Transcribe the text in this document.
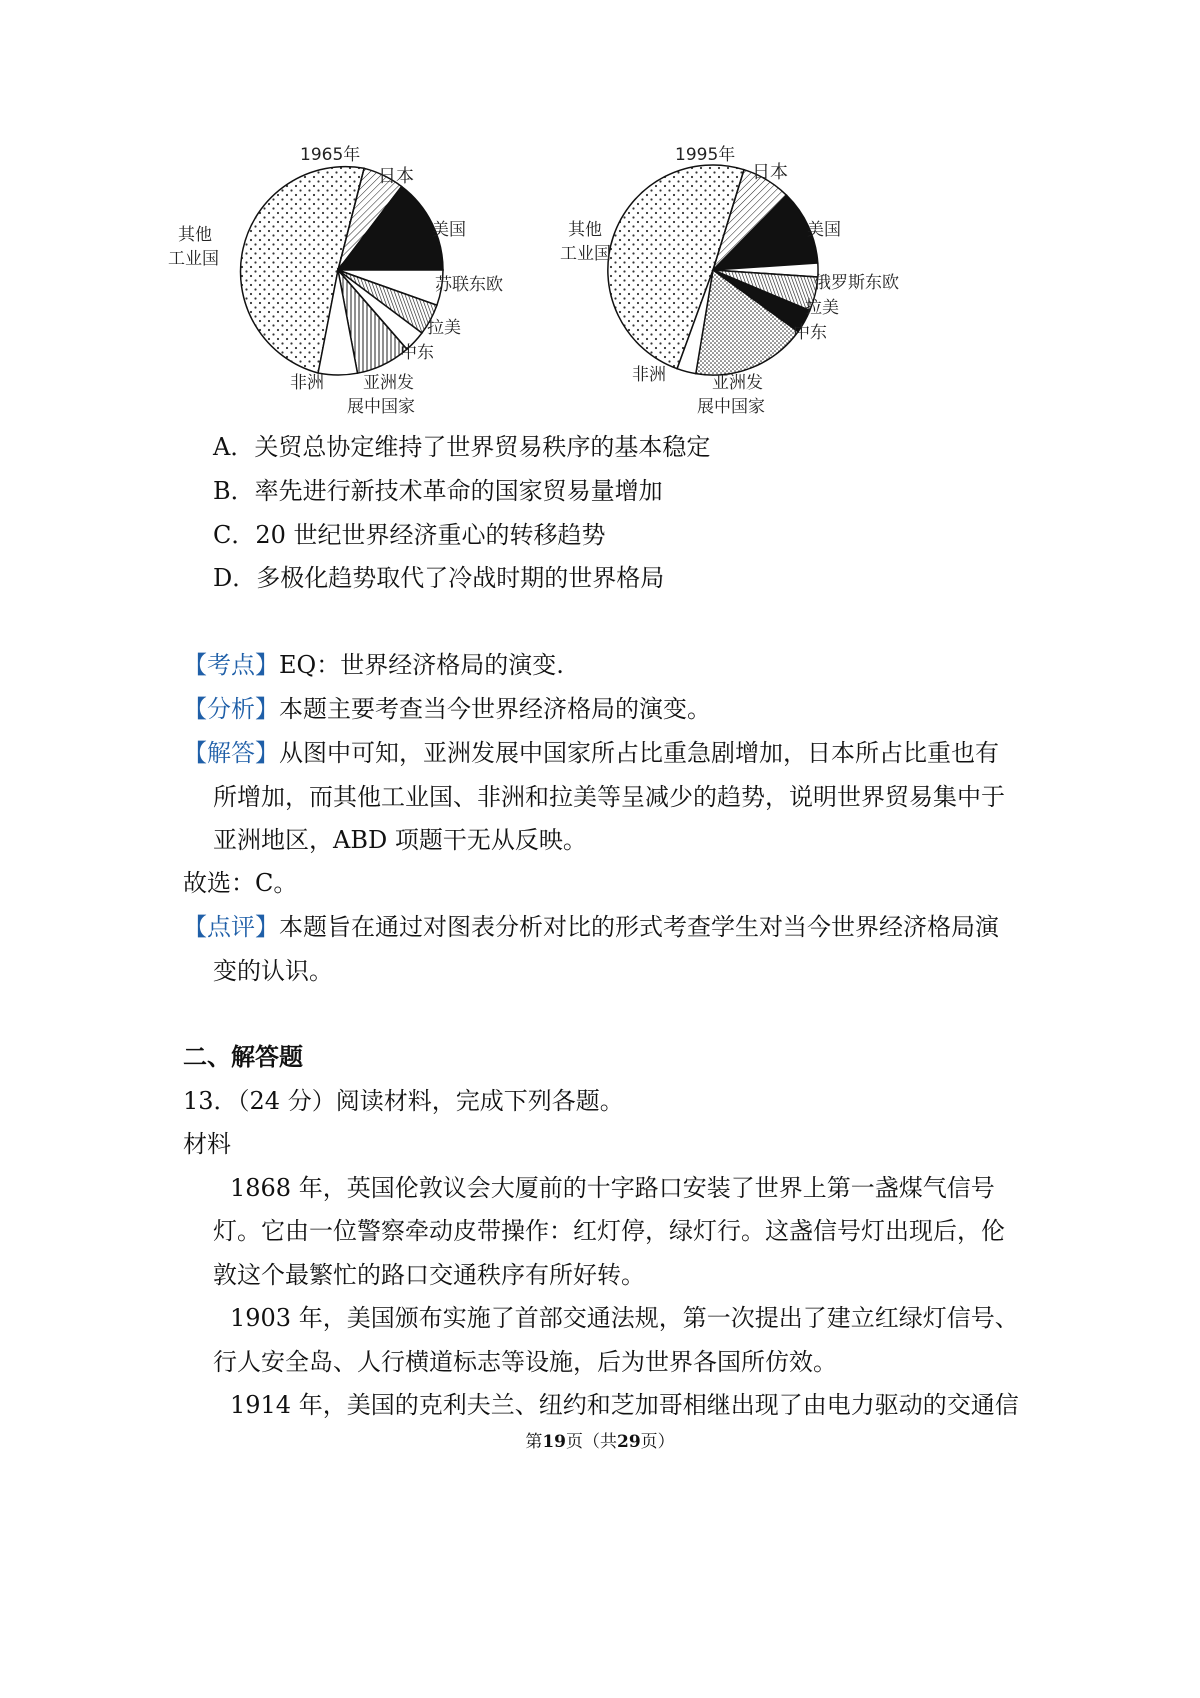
1965年
日本
美国
苏联东欧
拉美
中东
亚洲发
展中国家
非洲
其他
工业国
1995年
日本
美国
俄罗斯东欧
拉美
中东
亚洲发
展中国家
非洲
其他
工业国
A．关贸总协定维持了世界贸易秩序的基本稳定
B．率先进行新技术革命的国家贸易量增加
C．20 世纪世界经济重心的转移趋势
D．多极化趋势取代了冷战时期的世界格局
【考点】EQ：世界经济格局的演变.
【分析】本题主要考查当今世界经济格局的演变。
【解答】从图中可知，亚洲发展中国家所占比重急剧增加，日本所占比重也有
所增加，而其他工业国、非洲和拉美等呈减少的趋势，说明世界贸易集中于
亚洲地区，ABD 项题干无从反映。
故选：C。
【点评】本题旨在通过对图表分析对比的形式考查学生对当今世界经济格局演
变的认识。
二、解答题
13．（24 分）阅读材料，完成下列各题。
材料
1868 年，英国伦敦议会大厦前的十字路口安装了世界上第一盏煤气信号
灯。它由一位警察牵动皮带操作：红灯停，绿灯行。这盏信号灯出现后，伦
敦这个最繁忙的路口交通秩序有所好转。
1903 年，美国颁布实施了首部交通法规，第一次提出了建立红绿灯信号、
行人安全岛、人行横道标志等设施，后为世界各国所仿效。
1914 年，美国的克利夫兰、纽约和芝加哥相继出现了由电力驱动的交通信
第19页（共29页）
